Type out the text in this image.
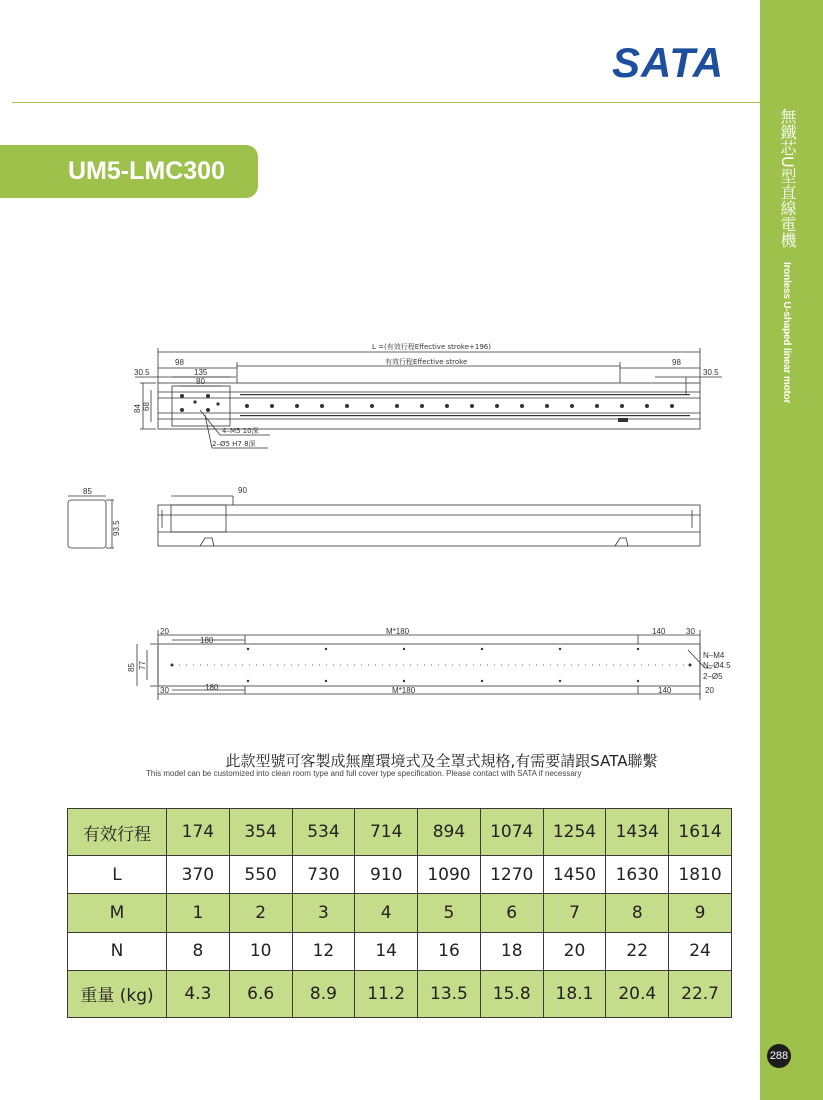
SATA
無鐵芯U型直線電機
Ironless U-shaped linear motor
288
UM5-LMC300
L =(有效行程Effective stroke+196)
有效行程Effective stroke
30.5	30.5
98	98
135
80
84 68
4–M5 10深
2–Ø5 H7 8深
85
93.5
90
20
180
M*180	140	30
85 77
30	180	M*180	140	20
N–M4
N–Ø4.5
2–Ø5
此款型號可客製成無塵環境式及全罩式規格,有需要請跟SATA聯繫
This model can be customized into clean room type and full cover type specification. Please contact with SATA if necessary
有效行程	174	354	534	714	894	1074	1254	1434	1614
L	370	550	730	910	1090	1270	1450	1630	1810
M	1	2	3	4	5	6	7	8	9
N	8	10	12	14	16	18	20	22	24
重量 (kg)	4.3	6.6	8.9	11.2	13.5	15.8	18.1	20.4	22.7
